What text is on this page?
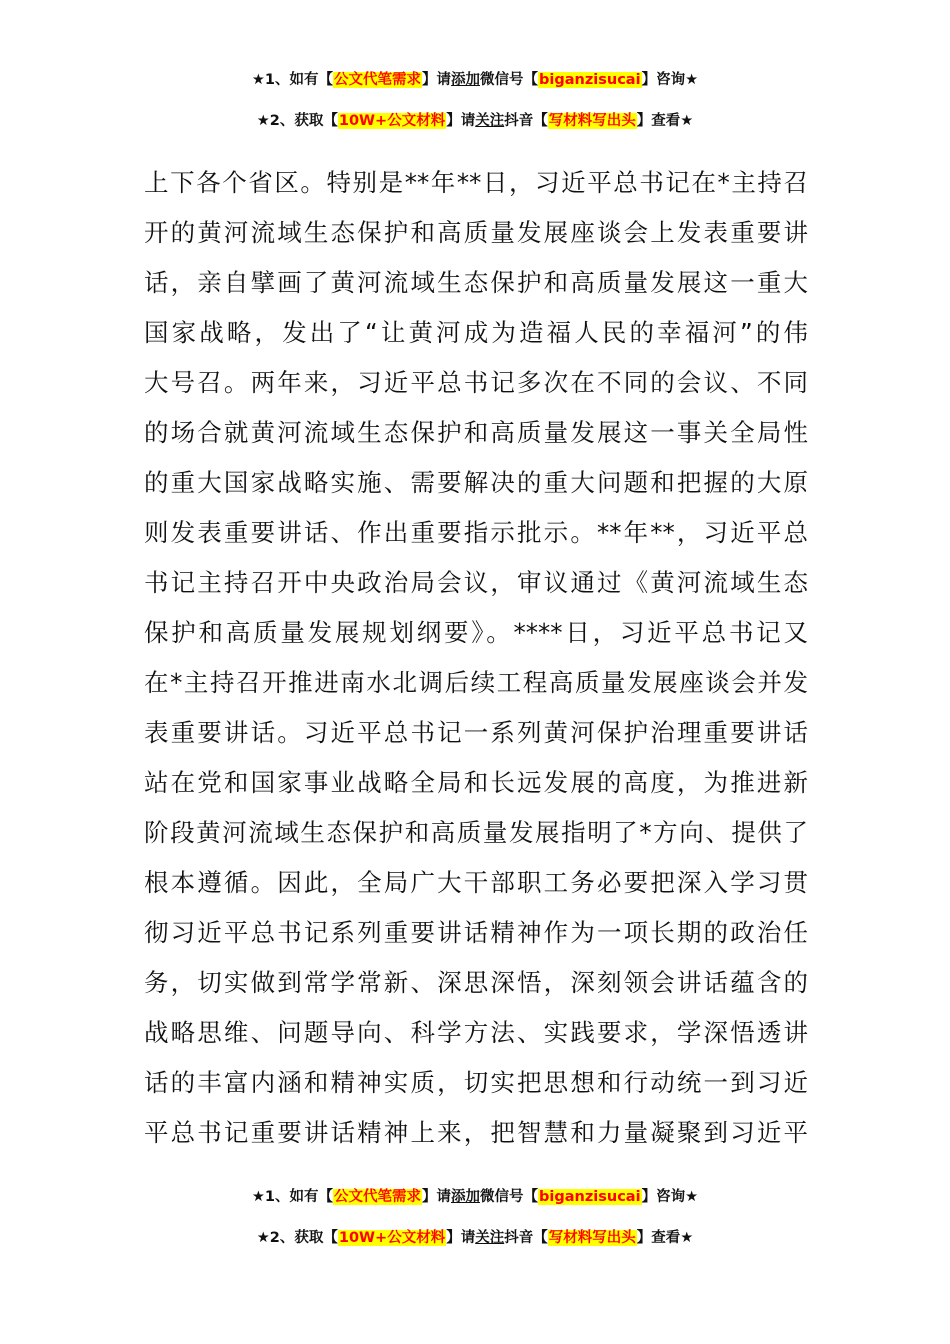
★1、如有【公文代笔需求】请添加微信号【biganzisucai】咨询★
★2、获取【10W+公文材料】请关注抖音【写材料写出头】查看★
上下各个省区。特别是**年**日，习近平总书记在*主持召
开的黄河流域生态保护和高质量发展座谈会上发表重要讲
话，亲自擘画了黄河流域生态保护和高质量发展这一重大
国家战略，发出了“让黄河成为造福人民的幸福河”的伟
大号召。两年来，习近平总书记多次在不同的会议、不同
的场合就黄河流域生态保护和高质量发展这一事关全局性
的重大国家战略实施、需要解决的重大问题和把握的大原
则发表重要讲话、作出重要指示批示。**年**，习近平总
书记主持召开中央政治局会议，审议通过《黄河流域生态
保护和高质量发展规划纲要》。****日，习近平总书记又
在*主持召开推进南水北调后续工程高质量发展座谈会并发
表重要讲话。习近平总书记一系列黄河保护治理重要讲话
站在党和国家事业战略全局和长远发展的高度，为推进新
阶段黄河流域生态保护和高质量发展指明了*方向、提供了
根本遵循。因此，全局广大干部职工务必要把深入学习贯
彻习近平总书记系列重要讲话精神作为一项长期的政治任
务，切实做到常学常新、深思深悟，深刻领会讲话蕴含的
战略思维、问题导向、科学方法、实践要求，学深悟透讲
话的丰富内涵和精神实质，切实把思想和行动统一到习近
平总书记重要讲话精神上来，把智慧和力量凝聚到习近平
★1、如有【公文代笔需求】请添加微信号【biganzisucai】咨询★
★2、获取【10W+公文材料】请关注抖音【写材料写出头】查看★
